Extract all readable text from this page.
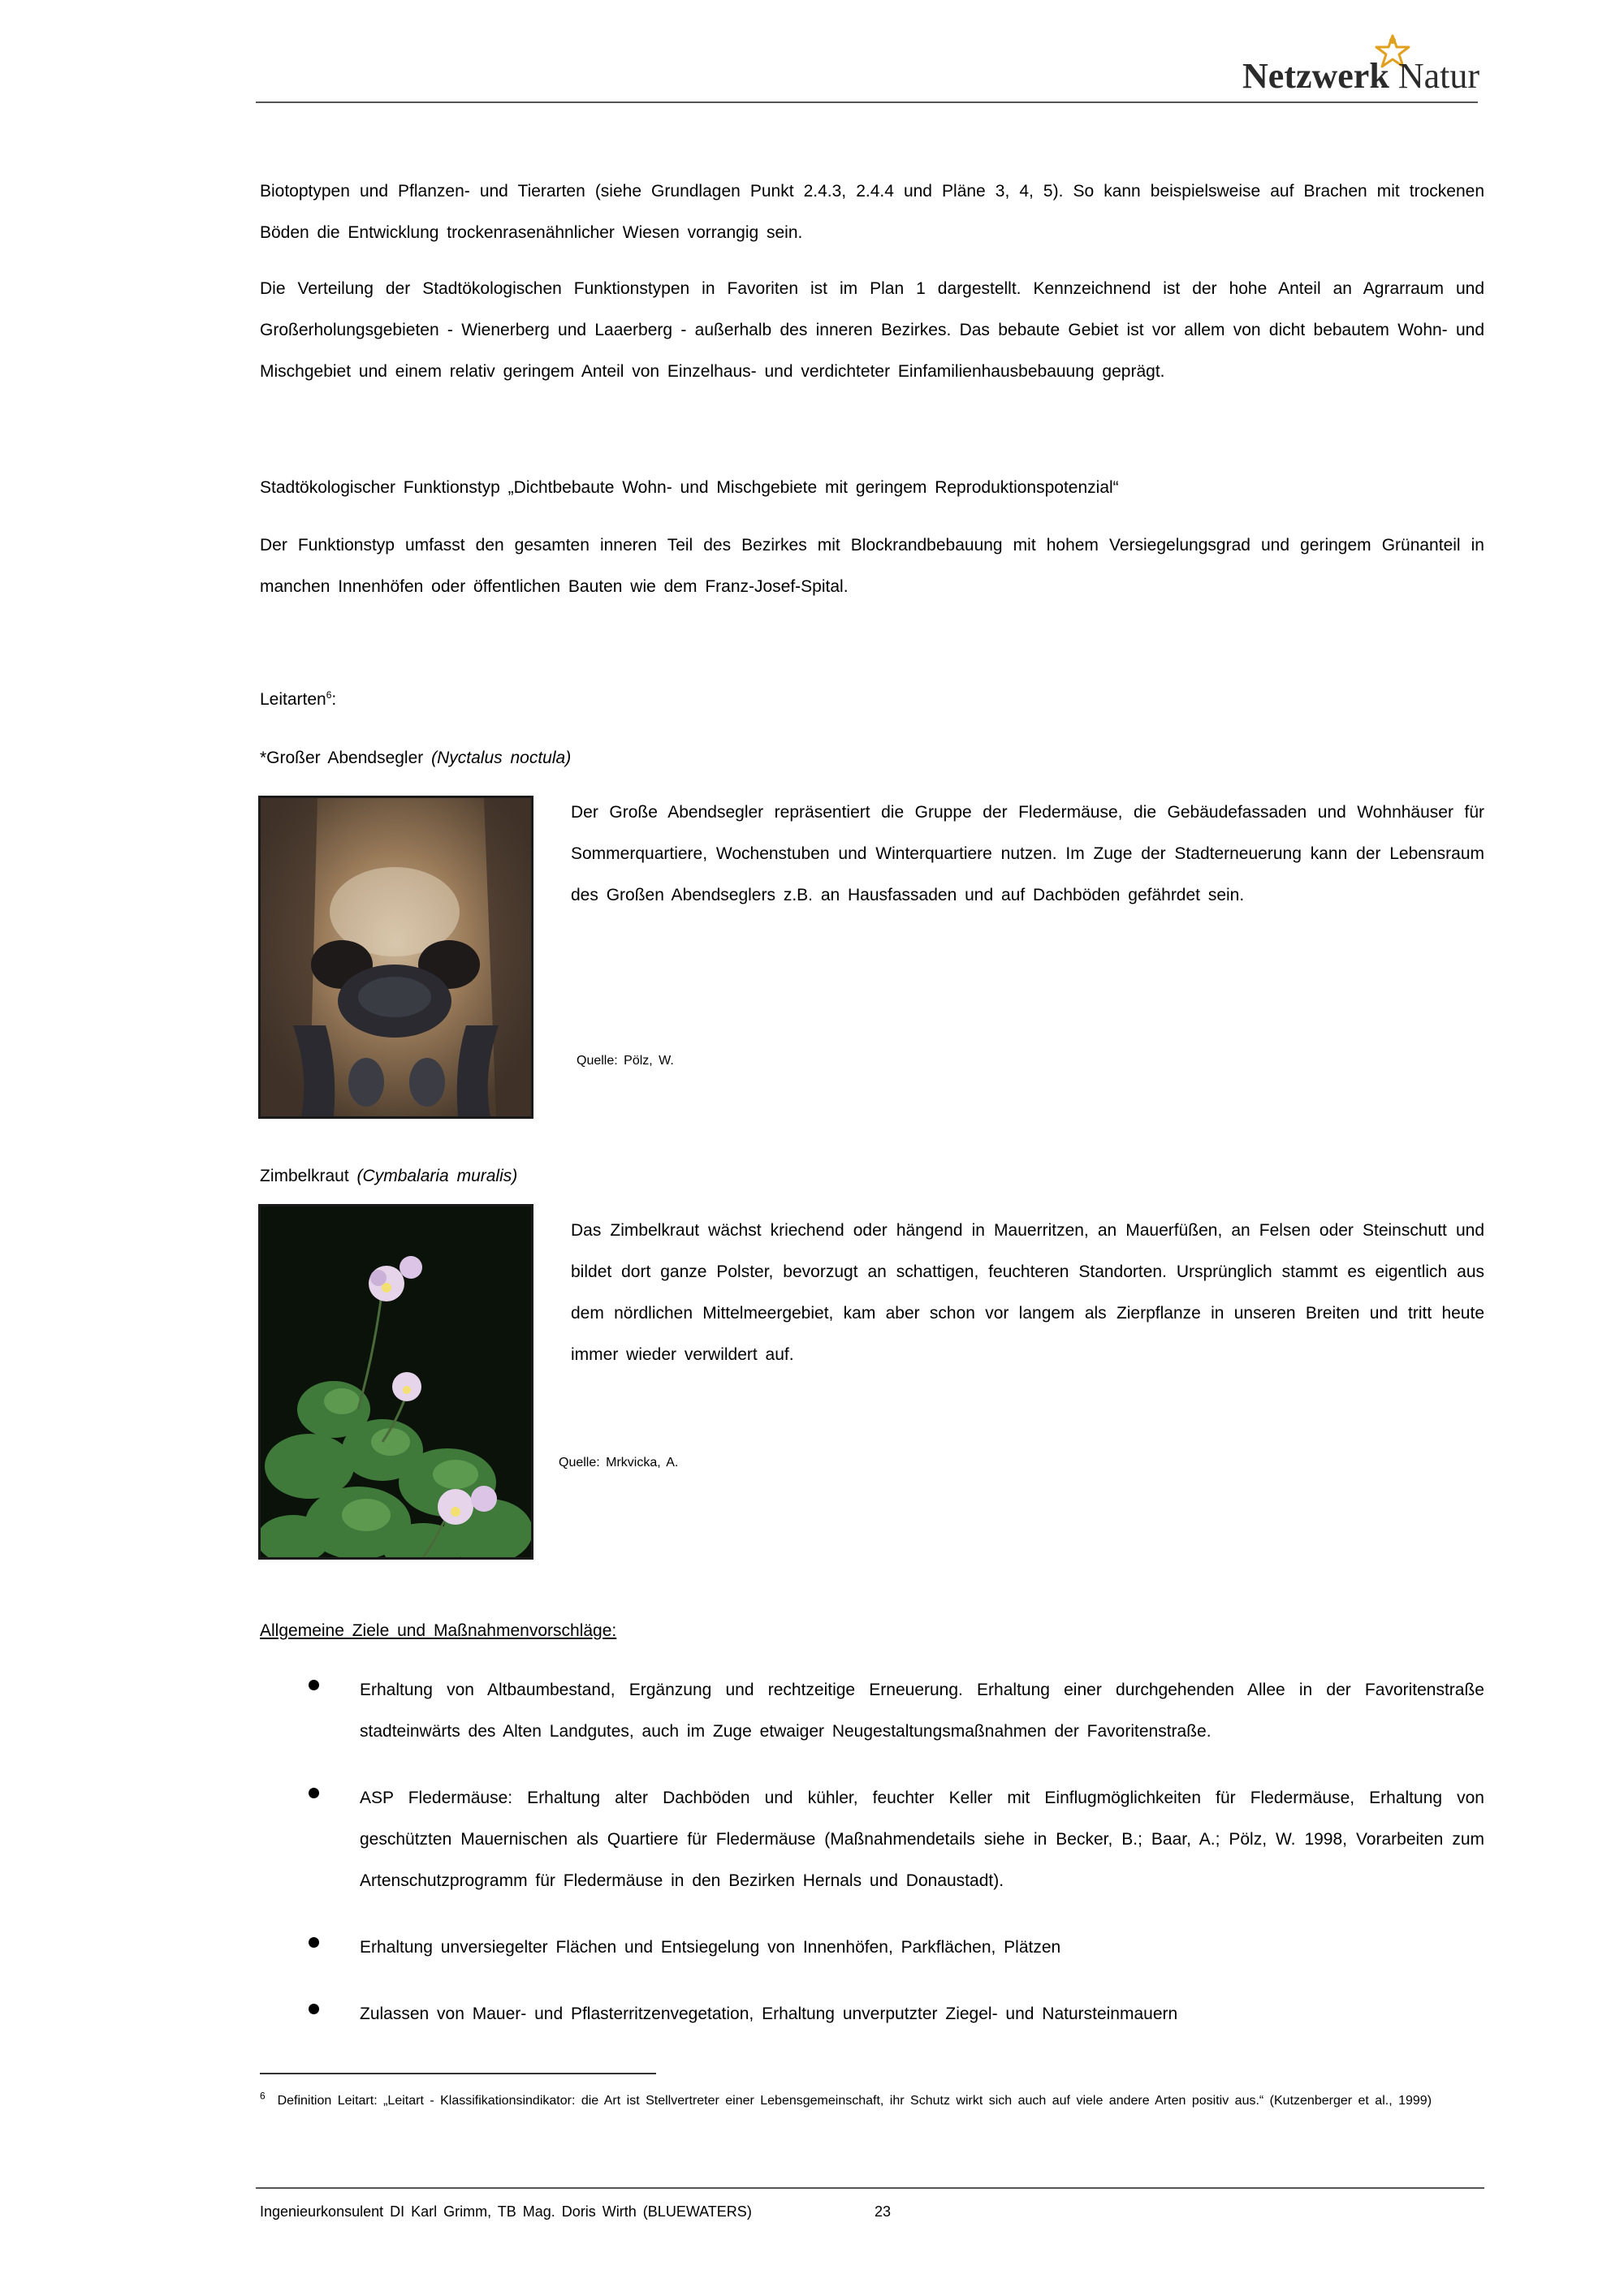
Netzwerk Natur
Biotoptypen und Pflanzen- und Tierarten (siehe Grundlagen Punkt 2.4.3, 2.4.4 und Pläne 3, 4, 5). So kann beispielsweise auf Brachen mit trockenen Böden die Entwicklung trockenrasenähnlicher Wiesen vorrangig sein.
Die Verteilung der Stadtökologischen Funktionstypen in Favoriten ist im Plan 1 dargestellt. Kennzeichnend ist der hohe Anteil an Agrarraum und Großerholungsgebieten - Wienerberg und Laaerberg - außerhalb des inneren Bezirkes. Das bebaute Gebiet ist vor allem von dicht bebautem Wohn- und Mischgebiet und einem relativ geringem Anteil von Einzelhaus- und verdichteter Einfamilienhausbebauung geprägt.
Stadtökologischer Funktionstyp „Dichtbebaute Wohn- und Mischgebiete mit geringem Reproduktionspotenzial“
Der Funktionstyp umfasst den gesamten inneren Teil des Bezirkes mit Blockrandbebauung mit hohem Versiegelungsgrad und geringem Grünanteil in manchen Innenhöfen oder öffentlichen Bauten wie dem Franz-Josef-Spital.
Leitarten$^6$:
*Großer Abendsegler (Nyctalus noctula)
Der Große Abendsegler repräsentiert die Gruppe der Fledermäuse, die Gebäudefassaden und Wohnhäuser für Sommerquartiere, Wochenstuben und Winterquartiere nutzen. Im Zuge der Stadterneuerung kann der Lebensraum des Großen Abendseglers z.B. an Hausfassaden und auf Dachböden gefährdet sein.
Quelle: Pölz, W.
Zimbelkraut (Cymbalaria muralis)
Das Zimbelkraut wächst kriechend oder hängend in Mauerritzen, an Mauerfüßen, an Felsen oder Steinschutt und bildet dort ganze Polster, bevorzugt an schattigen, feuchteren Standorten. Ursprünglich stammt es eigentlich aus dem nördlichen Mittelmeergebiet, kam aber schon vor langem als Zierpflanze in unseren Breiten und tritt heute immer wieder verwildert auf.
Quelle: Mrkvicka, A.
Allgemeine Ziele und Maßnahmenvorschläge:
Erhaltung von Altbaumbestand, Ergänzung und rechtzeitige Erneuerung. Erhaltung einer durchgehenden Allee in der Favoritenstraße stadteinwärts des Alten Landgutes, auch im Zuge etwaiger Neugestaltungsmaßnahmen der Favoritenstraße.
ASP Fledermäuse: Erhaltung alter Dachböden und kühler, feuchter Keller mit Einflugmöglichkeiten für Fledermäuse, Erhaltung von geschützten Mauernischen als Quartiere für Fledermäuse (Maßnahmendetails siehe in Becker, B.; Baar, A.; Pölz, W. 1998, Vorarbeiten zum Artenschutzprogramm für Fledermäuse in den Bezirken Hernals und Donaustadt).
Erhaltung unversiegelter Flächen und Entsiegelung von Innenhöfen, Parkflächen, Plätzen
Zulassen von Mauer- und Pflasterritzenvegetation, Erhaltung unverputzter Ziegel- und Natursteinmauern
$^6$ Definition Leitart: „Leitart - Klassifikationsindikator: die Art ist Stellvertreter einer Lebensgemeinschaft, ihr Schutz wirkt sich auch auf viele andere Arten positiv aus.“ (Kutzenberger et al., 1999)
Ingenieurkonsulent DI Karl Grimm, TB Mag. Doris Wirth (BLUEWATERS)	23
